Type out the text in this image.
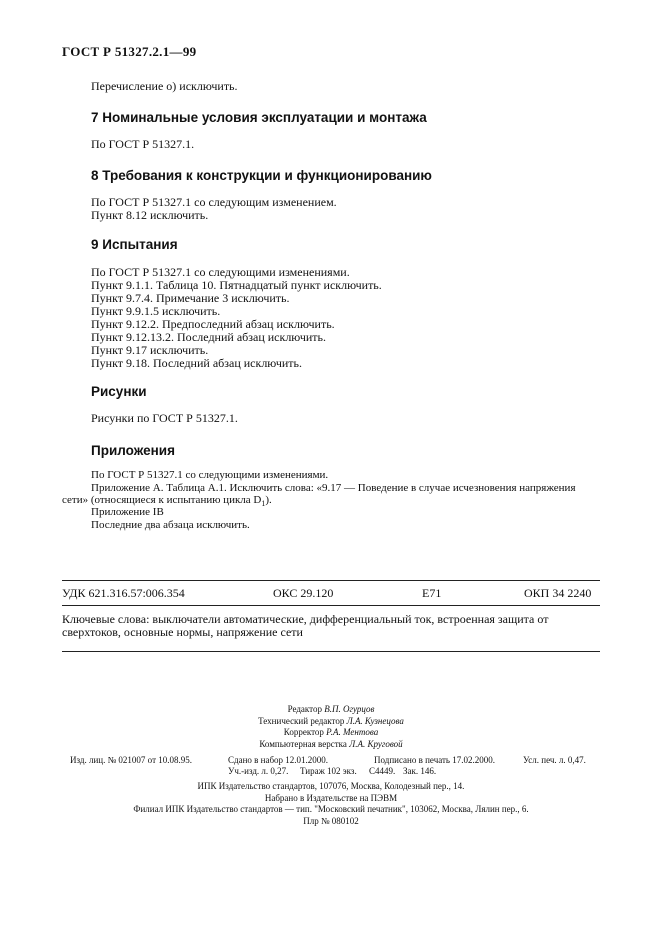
ГОСТ Р 51327.2.1—99
Перечисление о) исключить.
7 Номинальные условия эксплуатации и монтажа
По ГОСТ Р 51327.1.
8 Требования к конструкции и функционированию
По ГОСТ Р 51327.1 со следующим изменением.
Пункт 8.12 исключить.
9 Испытания
По ГОСТ Р 51327.1 со следующими изменениями.
Пункт 9.1.1. Таблица 10. Пятнадцатый пункт исключить.
Пункт 9.7.4. Примечание 3 исключить.
Пункт 9.9.1.5 исключить.
Пункт 9.12.2. Предпоследний абзац исключить.
Пункт 9.12.13.2. Последний абзац исключить.
Пункт 9.17 исключить.
Пункт 9.18. Последний абзац исключить.
Рисунки
Рисунки по ГОСТ Р 51327.1.
Приложения
По ГОСТ Р 51327.1 со следующими изменениями.
Приложение А. Таблица А.1. Исключить слова: «9.17 — Поведение в случае исчезновения напряжения
сети» (относящиеся к испытанию цикла $D_1$).
Приложение IB
Последние два абзаца исключить.
УДК 621.316.57:006.354	ОКС 29.120	Е71	ОКП 34 2240
Ключевые слова: выключатели автоматические, дифференциальный ток, встроенная защита от
сверхтоков, основные нормы, напряжение сети
Редактор В.П. Огурцов
Технический редактор Л.А. Кузнецова
Корректор Р.А. Ментова
Компьютерная верстка Л.А. Круговой
Изд. лиц. № 021007 от 10.08.95.	Сдано в набор 12.01.2000.	Подписано в печать 17.02.2000.	Усл. печ. л. 0,47.
Уч.-изд. л. 0,27. Тираж 102 экз. С4449. Зак. 146.
ИПК Издательство стандартов, 107076, Москва, Колодезный пер., 14.
Набрано в Издательстве на ПЭВМ
Филиал ИПК Издательство стандартов — тип. "Московский печатник", 103062, Москва, Лялин пер., 6.
Плр № 080102
